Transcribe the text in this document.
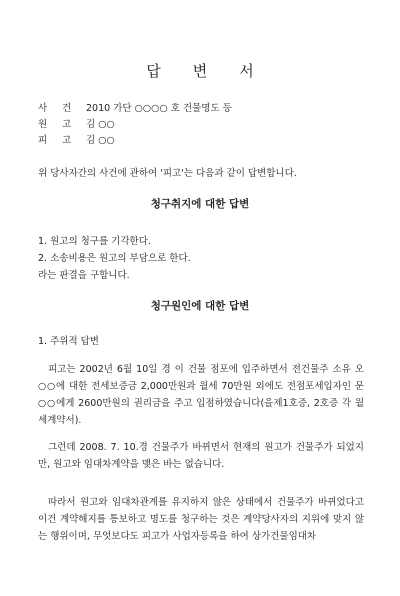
답 변 서
사 건 2010 가단 ○○○○ 호 건물명도 등
원 고 김 ○○
피 고 김 ○○
위 당사자간의 사건에 관하여 '피고'는 다음과 같이 답변합니다.
청구취지에 대한 답변
1. 원고의 청구를 기각한다.
2. 소송비용은 원고의 부담으로 한다.
라는 판결을 구합니다.
청구원인에 대한 답변
1. 주위적 답변
피고는 2002년 6월 10일 경 이 건물 점포에 입주하면서 전건물주 소유 오○○에 대한 전세보증금 2,000만원과 월세 70만원 외에도 전점포세입자인 문○○에게 2600만원의 권리금을 주고 입점하였습니다(을제1호증, 2호증 각 월세계약서).
그런데 2008. 7. 10.경 건물주가 바뀌면서 현재의 원고가 건물주가 되었지만, 원고와 임대차계약을 맺은 바는 없습니다.
따라서 원고와 임대차관계를 유지하지 않은 상태에서 건물주가 바뀌었다고 이건 계약해지를 통보하고 명도를 청구하는 것은 계약당사자의 지위에 맞지 않는 행위이며, 무엇보다도 피고가 사업자등록을 하여 상가건물임대차
